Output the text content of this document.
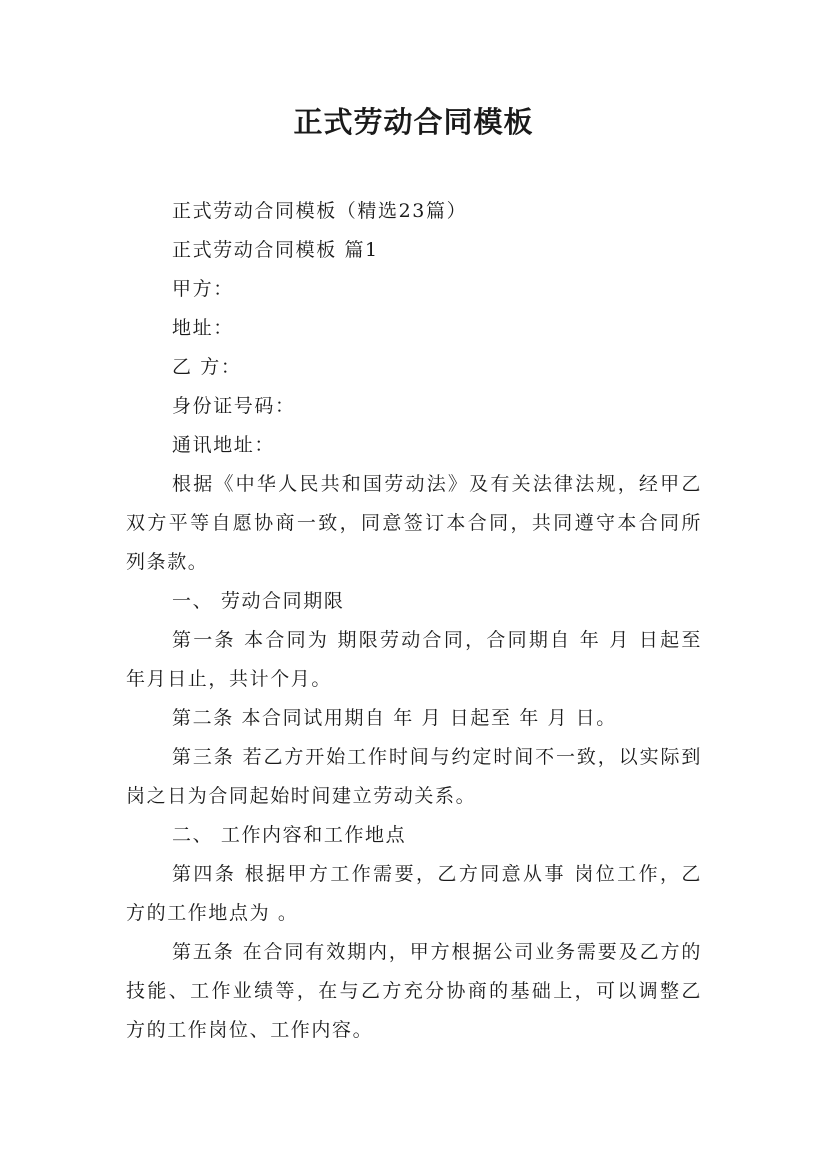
正式劳动合同模板

正式劳动合同模板（精选23篇）

正式劳动合同模板 篇1

甲方：

地址：

乙 方：

身份证号码：

通讯地址：

根据《中华人民共和国劳动法》及有关法律法规，经甲乙双方平等自愿协商一致，同意签订本合同，共同遵守本合同所列条款。

一、 劳动合同期限

第一条 本合同为 期限劳动合同，合同期自 年 月 日起至 年月日止，共计个月。

第二条 本合同试用期自 年 月 日起至 年 月 日。

第三条 若乙方开始工作时间与约定时间不一致，以实际到岗之日为合同起始时间建立劳动关系。

二、 工作内容和工作地点

第四条 根据甲方工作需要，乙方同意从事 岗位工作，乙方的工作地点为 。

第五条 在合同有效期内，甲方根据公司业务需要及乙方的技能、工作业绩等，在与乙方充分协商的基础上，可以调整乙方的工作岗位、工作内容。
